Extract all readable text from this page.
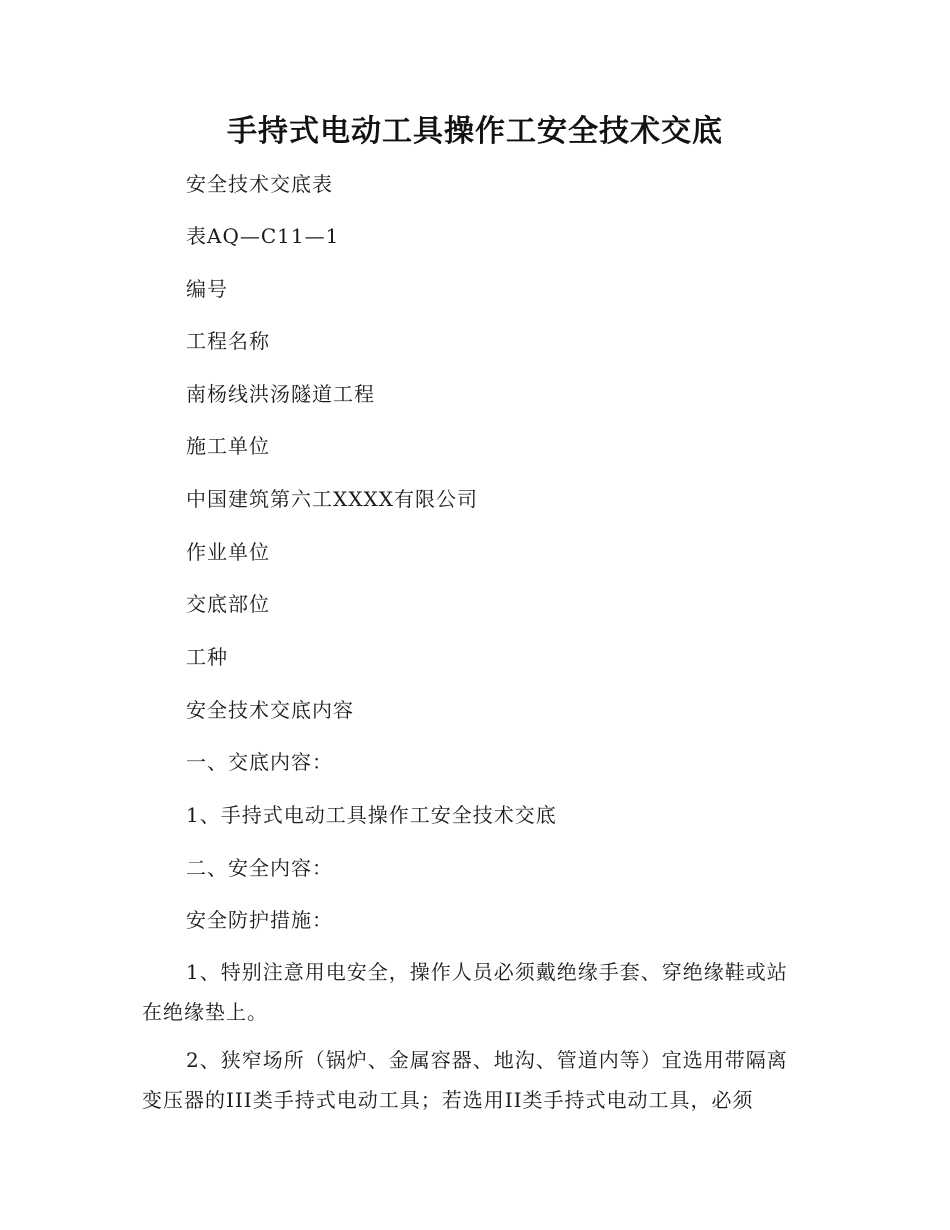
手持式电动工具操作工安全技术交底
安全技术交底表
表AQ—C11—1
编号
工程名称
南杨线洪汤隧道工程
施工单位
中国建筑第六工XXXX有限公司
作业单位
交底部位
工种
安全技术交底内容
一、交底内容：
1、手持式电动工具操作工安全技术交底
二、安全内容：
安全防护措施：
1、特别注意用电安全，操作人员必须戴绝缘手套、穿绝缘鞋或站
在绝缘垫上。
2、狭窄场所（锅炉、金属容器、地沟、管道内等）宜选用带隔离
变压器的III类手持式电动工具；若选用II类手持式电动工具，必须
